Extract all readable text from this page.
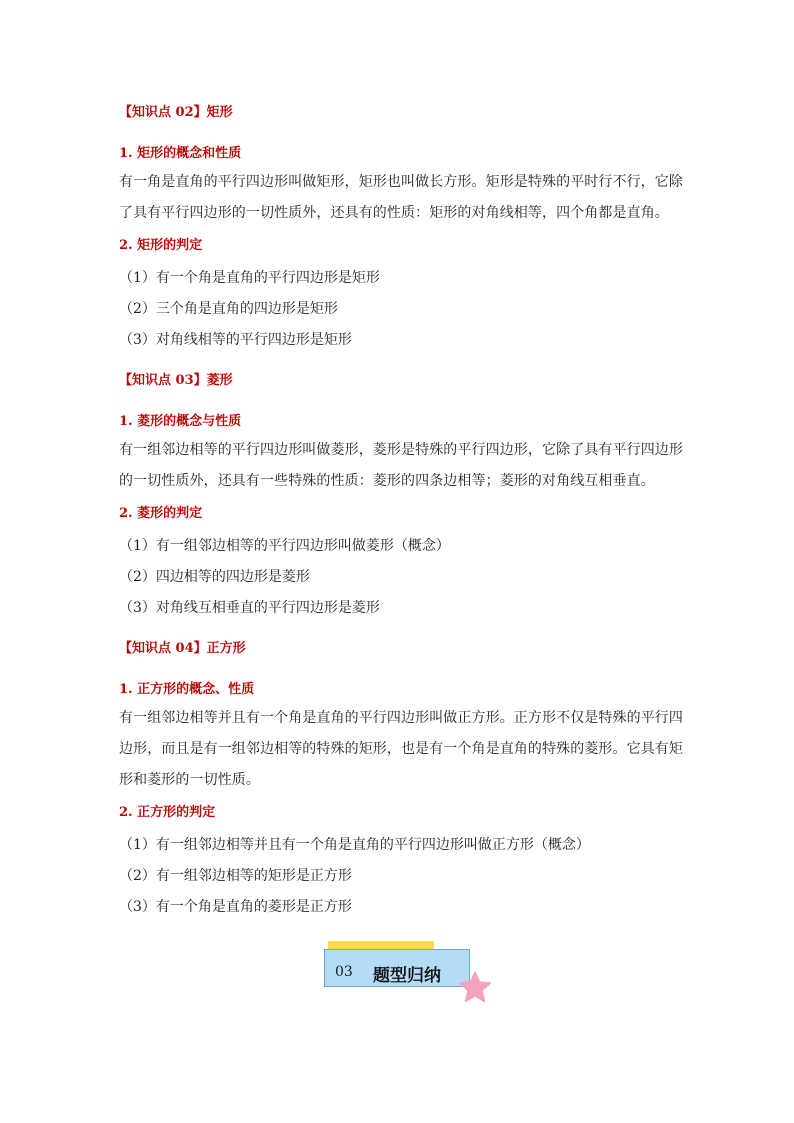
【知识点 02】矩形

1. 矩形的概念和性质

有一角是直角的平行四边形叫做矩形，矩形也叫做长方形。矩形是特殊的平时行不行，它除

了具有平行四边形的一切性质外，还具有的性质：矩形的对角线相等，四个角都是直角。

2. 矩形的判定

（1）有一个角是直角的平行四边形是矩形

（2）三个角是直角的四边形是矩形

（3）对角线相等的平行四边形是矩形

【知识点 03】菱形

1. 菱形的概念与性质

有一组邻边相等的平行四边形叫做菱形，菱形是特殊的平行四边形，它除了具有平行四边形

的一切性质外，还具有一些特殊的性质：菱形的四条边相等；菱形的对角线互相垂直。

2. 菱形的判定

（1）有一组邻边相等的平行四边形叫做菱形（概念）

（2）四边相等的四边形是菱形

（3）对角线互相垂直的平行四边形是菱形

【知识点 04】正方形

1. 正方形的概念、性质

有一组邻边相等并且有一个角是直角的平行四边形叫做正方形。正方形不仅是特殊的平行四

边形，而且是有一组邻边相等的特殊的矩形，也是有一个角是直角的特殊的菱形。它具有矩

形和菱形的一切性质。

2. 正方形的判定

（1）有一组邻边相等并且有一个角是直角的平行四边形叫做正方形（概念）

（2）有一组邻边相等的矩形是正方形

（3）有一个角是直角的菱形是正方形

03 题型归纳
